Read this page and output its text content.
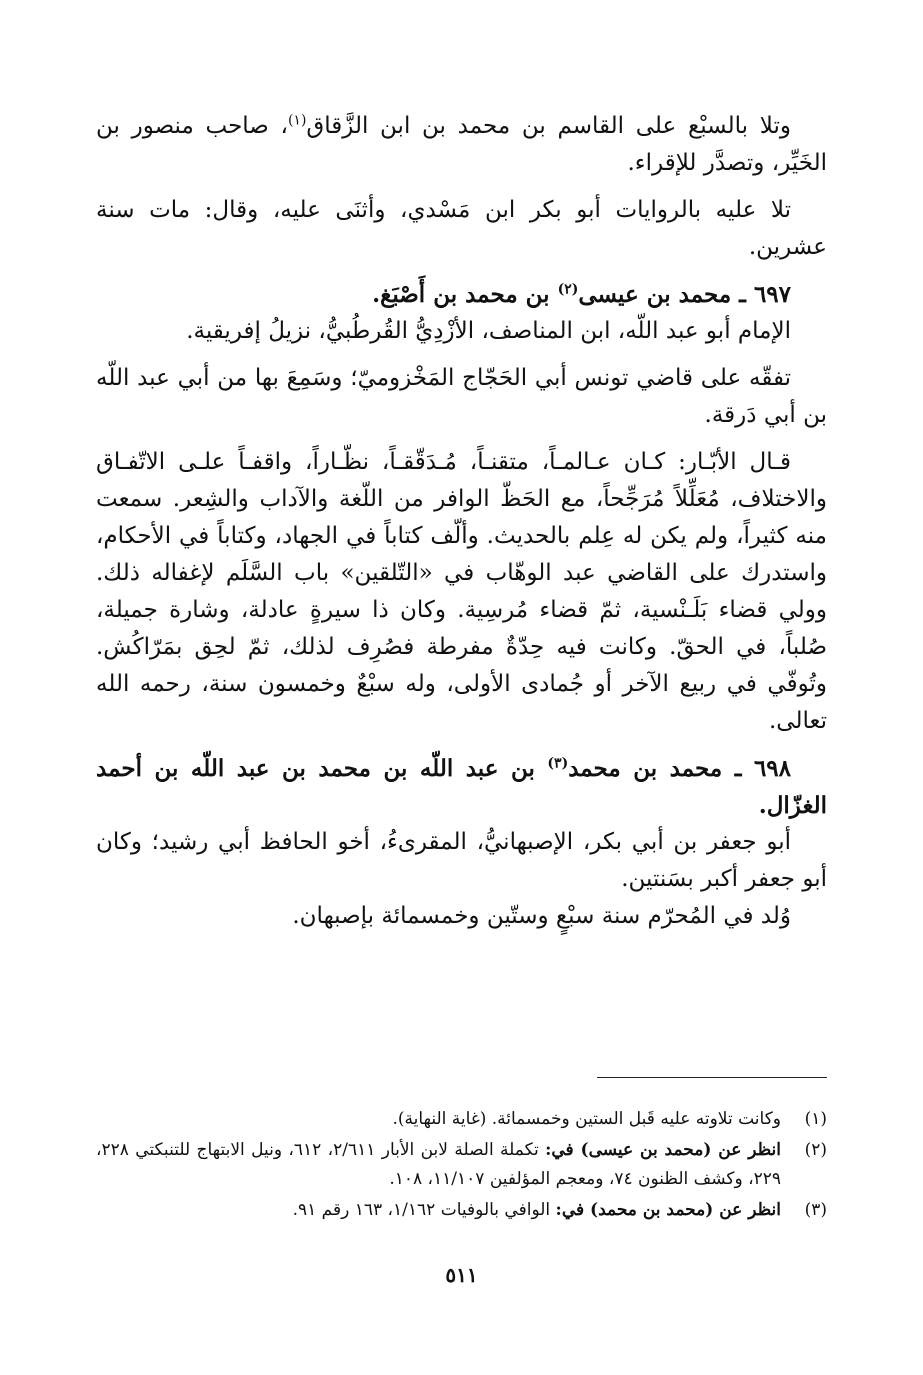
وتلا بالسبْع على القاسم بن محمد بن ابن الزَّقاق$^{(١)}$، صاحب منصور بن الخَيِّر، وتصدَّر للإقراء.

تلا عليه بالروايات أبو بكر ابن مَسْدي، وأثنَى عليه، وقال: مات سنة عشرين.

٦٩٧ ـ محمد بن عيسى$^{(٢)}$ بن محمد بن أَصْبَغ.

الإمام أبو عبد اللّه، ابن المناصف، الأزْدِيُّ القُرطُبيُّ، نزيلُ إفريقية.

تفقّه على قاضي تونس أبي الحَجّاج المَخْزوميّ؛ وسَمِعَ بها من أبي عبد اللّه بن أبي دَرقة.

قـال الأبّـار: كـان عـالمـاً، متقنـاً، مُـدَقّقـاً، نظّـاراً، واقفـاً علـى الاتّفـاق والاختلاف، مُعَلِّلاً مُرَجِّحاً، مع الحَظّ الوافر من اللّغة والآداب والشِعر. سمعت منه كثيراً، ولم يكن له عِلم بالحديث. وألّف كتاباً في الجهاد، وكتاباً في الأحكام، واستدرك على القاضي عبد الوهّاب في «التّلقين» باب السَّلَم لإغفاله ذلك. وولي قضاء بَلَـنْسية، ثمّ قضاء مُرسِية. وكان ذا سيرةٍ عادلة، وشارة جميلة، صُلباً، في الحقّ. وكانت فيه حِدّةٌ مفرطة فصُرِف لذلك، ثمّ لحِق بمَرّاكُش. وتُوفّي في ربيع الآخر أو جُمادى الأولى، وله سبْعٌ وخمسون سنة، رحمه الله تعالى.

٦٩٨ ـ محمد بن محمد$^{(٣)}$ بن عبد اللّه بن محمد بن عبد اللّه بن أحمد الغزّال.

أبو جعفر بن أبي بكر، الإصبهانيُّ، المقرىءُ، أخو الحافظ أبي رشيد؛ وكان أبو جعفر أكبر بسَنتين.

وُلد في المُحرّم سنة سبْعٍ وستّين وخمسمائة بإصبهان.

(١)
وكانت تلاوته عليه قَبل الستين وخمسمائة. (غاية النهاية).
(٢)
انظر عن (محمد بن عيسى) في: تكملة الصلة لابن الأبار ٢/٦١١، ٦١٢، ونيل الابتهاج للتنبكتي ٢٢٨، ٢٢٩، وكشف الظنون ٧٤، ومعجم المؤلفين ١١/١٠٧، ١٠٨.
(٣)
انظر عن (محمد بن محمد) في: الوافي بالوفيات ١/١٦٢، ١٦٣ رقم ٩١.
٥١١
